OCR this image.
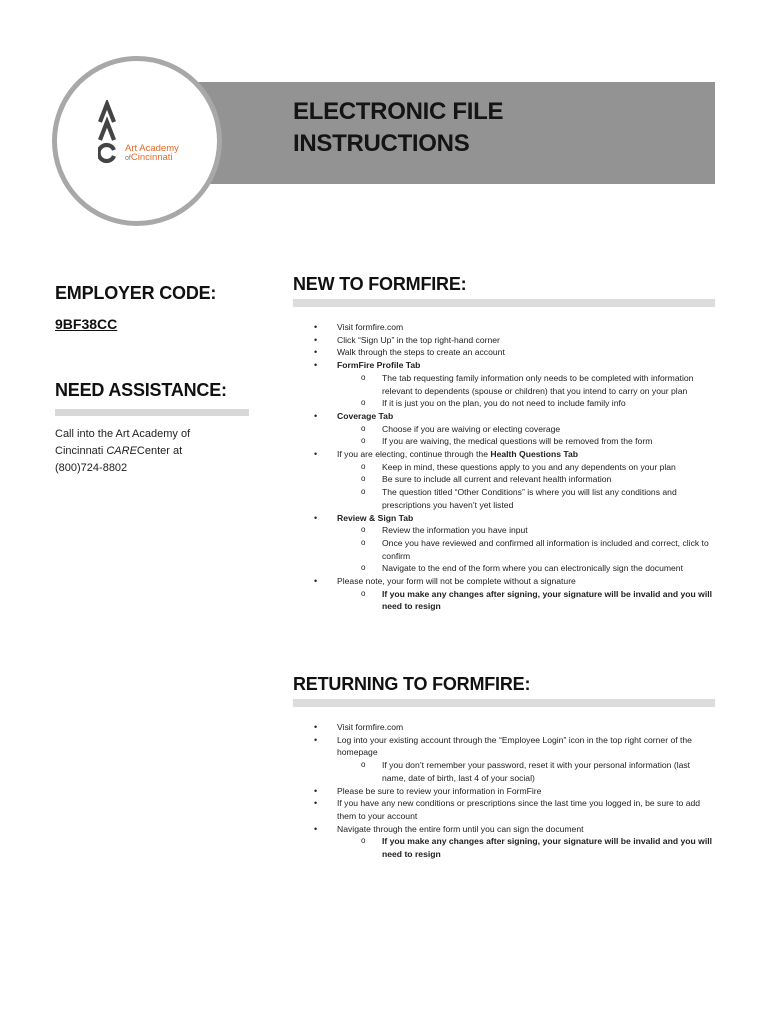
Art Academy
ofCincinnati
ELECTRONIC FILE
INSTRUCTIONS
EMPLOYER CODE:
9BF38CC
NEED ASSISTANCE:
Call into the Art Academy of
Cincinnati CARECenter at
(800)724-8802
NEW TO FORMFIRE:
• Visit formfire.com
• Click “Sign Up” in the top right-hand corner
• Walk through the steps to create an account
• FormFire Profile Tab
o The tab requesting family information only needs to be completed with information relevant to dependents (spouse or children) that you intend to carry on your plan
o If it is just you on the plan, you do not need to include family info
• Coverage Tab
o Choose if you are waiving or electing coverage
o If you are waiving, the medical questions will be removed from the form
• If you are electing, continue through the Health Questions Tab
o Keep in mind, these questions apply to you and any dependents on your plan
o Be sure to include all current and relevant health information
o The question titled “Other Conditions” is where you will list any conditions and prescriptions you haven’t yet listed
• Review & Sign Tab
o Review the information you have input
o Once you have reviewed and confirmed all information is included and correct, click to confirm
o Navigate to the end of the form where you can electronically sign the document
• Please note, your form will not be complete without a signature
o If you make any changes after signing, your signature will be invalid and you will need to resign
RETURNING TO FORMFIRE:
• Visit formfire.com
• Log into your existing account through the “Employee Login” icon in the top right corner of the homepage
o If you don’t remember your password, reset it with your personal information (last name, date of birth, last 4 of your social)
• Please be sure to review your information in FormFire
• If you have any new conditions or prescriptions since the last time you logged in, be sure to add them to your account
• Navigate through the entire form until you can sign the document
o If you make any changes after signing, your signature will be invalid and you will need to resign
